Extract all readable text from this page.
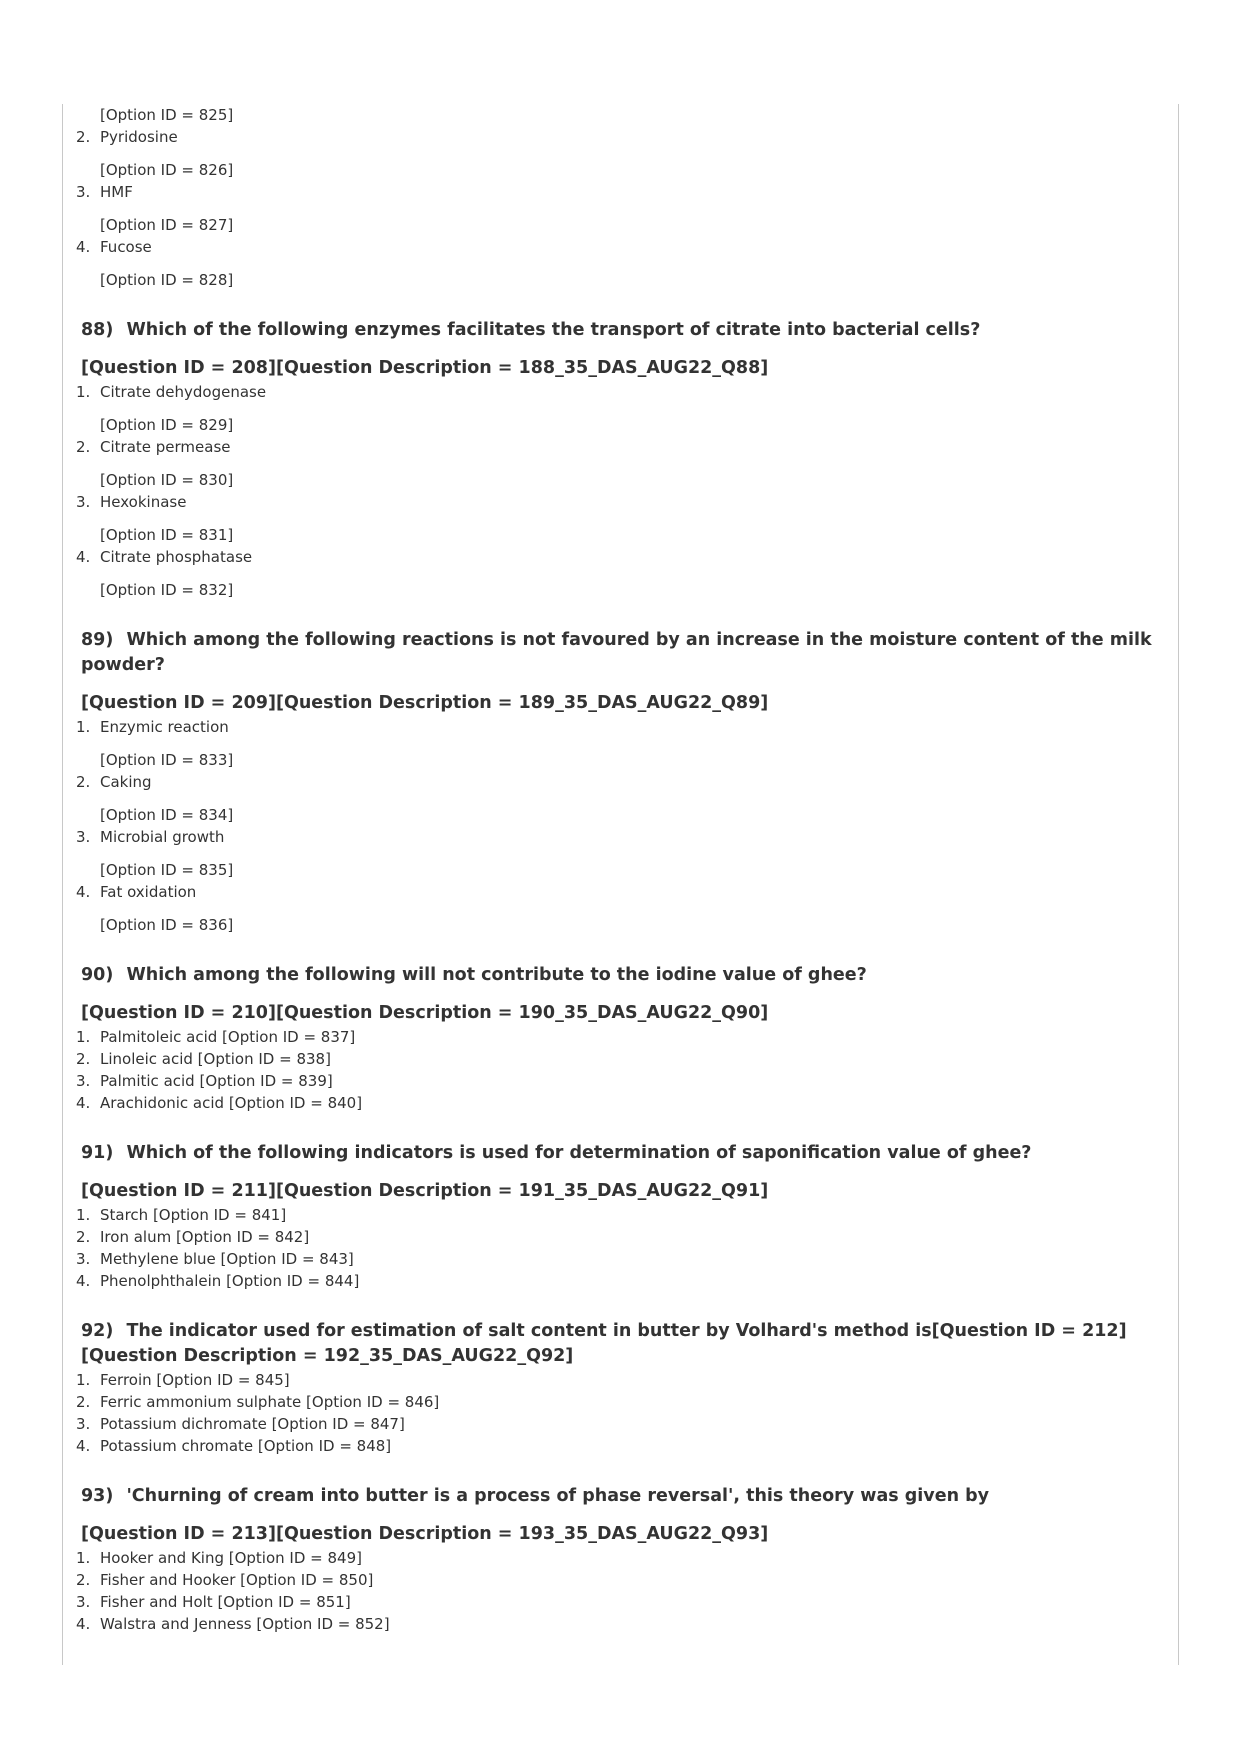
[Option ID = 825]
2. Pyridosine
[Option ID = 826]
3. HMF
[Option ID = 827]
4. Fucose
[Option ID = 828]
88) Which of the following enzymes facilitates the transport of citrate into bacterial cells?
[Question ID = 208][Question Description = 188_35_DAS_AUG22_Q88]
1. Citrate dehydogenase
[Option ID = 829]
2. Citrate permease
[Option ID = 830]
3. Hexokinase
[Option ID = 831]
4. Citrate phosphatase
[Option ID = 832]
89) Which among the following reactions is not favoured by an increase in the moisture content of the milk powder?
[Question ID = 209][Question Description = 189_35_DAS_AUG22_Q89]
1. Enzymic reaction
[Option ID = 833]
2. Caking
[Option ID = 834]
3. Microbial growth
[Option ID = 835]
4. Fat oxidation
[Option ID = 836]
90) Which among the following will not contribute to the iodine value of ghee?
[Question ID = 210][Question Description = 190_35_DAS_AUG22_Q90]
1. Palmitoleic acid [Option ID = 837]
2. Linoleic acid [Option ID = 838]
3. Palmitic acid [Option ID = 839]
4. Arachidonic acid [Option ID = 840]
91) Which of the following indicators is used for determination of saponification value of ghee?
[Question ID = 211][Question Description = 191_35_DAS_AUG22_Q91]
1. Starch [Option ID = 841]
2. Iron alum [Option ID = 842]
3. Methylene blue [Option ID = 843]
4. Phenolphthalein [Option ID = 844]
92) The indicator used for estimation of salt content in butter by Volhard's method is[Question ID = 212][Question Description = 192_35_DAS_AUG22_Q92]
1. Ferroin [Option ID = 845]
2. Ferric ammonium sulphate [Option ID = 846]
3. Potassium dichromate [Option ID = 847]
4. Potassium chromate [Option ID = 848]
93) 'Churning of cream into butter is a process of phase reversal', this theory was given by
[Question ID = 213][Question Description = 193_35_DAS_AUG22_Q93]
1. Hooker and King [Option ID = 849]
2. Fisher and Hooker [Option ID = 850]
3. Fisher and Holt [Option ID = 851]
4. Walstra and Jenness [Option ID = 852]
